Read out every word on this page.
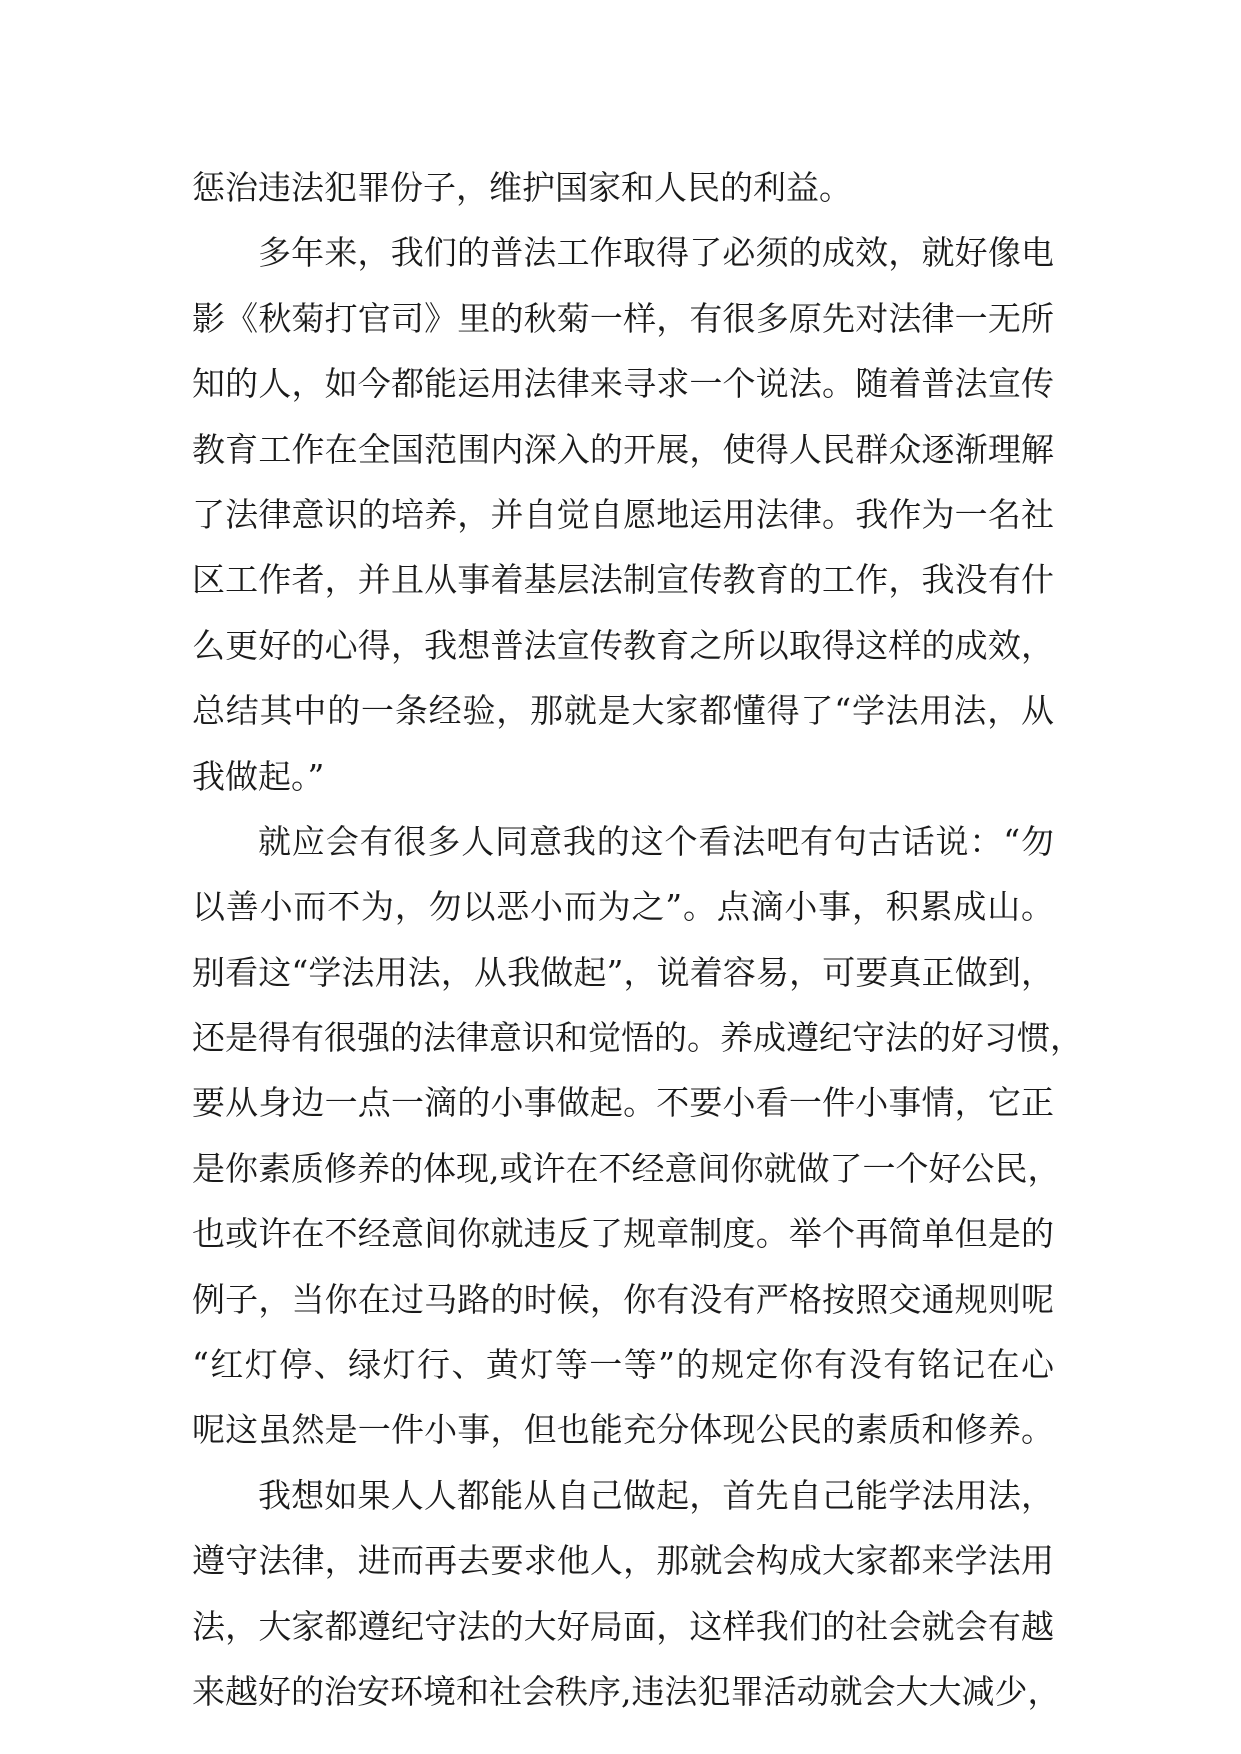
惩治违法犯罪份子，维护国家和人民的利益。
多年来，我们的普法工作取得了必须的成效，就好像电
影《秋菊打官司》里的秋菊一样，有很多原先对法律一无所
知的人，如今都能运用法律来寻求一个说法。随着普法宣传
教育工作在全国范围内深入的开展，使得人民群众逐渐理解
了法律意识的培养，并自觉自愿地运用法律。我作为一名社
区工作者，并且从事着基层法制宣传教育的工作，我没有什
么更好的心得，我想普法宣传教育之所以取得这样的成效，
总结其中的一条经验，那就是大家都懂得了“学法用法，从
我做起。”
就应会有很多人同意我的这个看法吧有句古话说：“勿
以善小而不为，勿以恶小而为之”。点滴小事，积累成山。
别看这“学法用法，从我做起”，说着容易，可要真正做到，
还是得有很强的法律意识和觉悟的。养成遵纪守法的好习惯，
要从身边一点一滴的小事做起。不要小看一件小事情，它正
是你素质修养的体现,或许在不经意间你就做了一个好公民，
也或许在不经意间你就违反了规章制度。举个再简单但是的
例子，当你在过马路的时候，你有没有严格按照交通规则呢
“红灯停、绿灯行、黄灯等一等”的规定你有没有铭记在心
呢这虽然是一件小事，但也能充分体现公民的素质和修养。
我想如果人人都能从自己做起，首先自己能学法用法，
遵守法律，进而再去要求他人，那就会构成大家都来学法用
法，大家都遵纪守法的大好局面，这样我们的社会就会有越
来越好的治安环境和社会秩序,违法犯罪活动就会大大减少，
